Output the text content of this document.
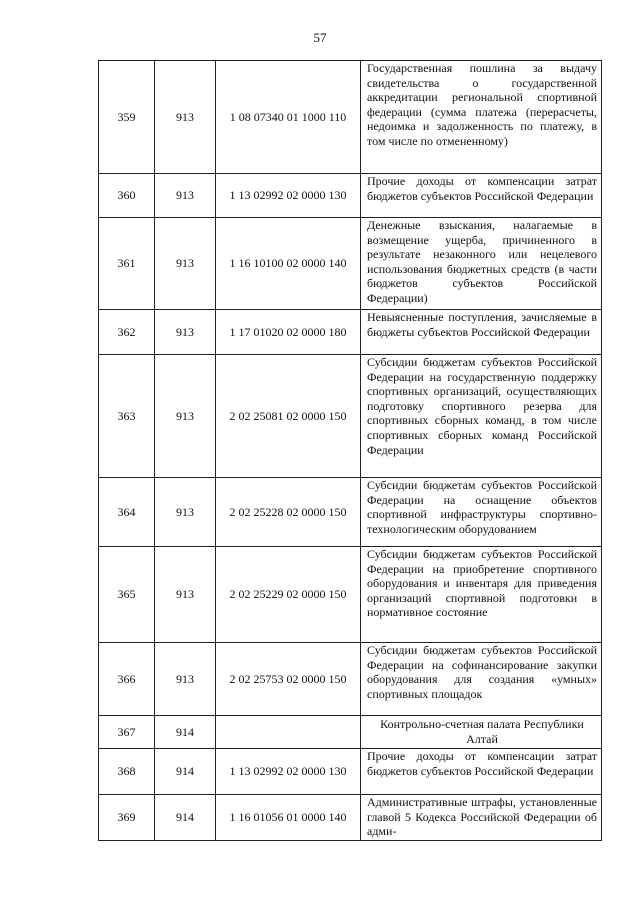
57
359	913	1 08 07340 01 1000 110	Государственная пошлина за выдачу свидетельства о государственной аккредитации региональной спортивной федерации (сумма платежа (перерасчеты, недоимка и задолженность по платежу, в том числе по отмененному)
360	913	1 13 02992 02 0000 130	Прочие доходы от компенсации затрат бюджетов субъектов Российской Федерации
361	913	1 16 10100 02 0000 140	Денежные взыскания, налагаемые в возмещение ущерба, причиненного в результате незаконного или нецелевого использования бюджетных средств (в части бюджетов субъектов Российской Федерации)
362	913	1 17 01020 02 0000 180	Невыясненные поступления, зачисляемые в бюджеты субъектов Российской Федерации
363	913	2 02 25081 02 0000 150	Субсидии бюджетам субъектов Российской Федерации на государственную поддержку спортивных организаций, осуществляющих подготовку спортивного резерва для спортивных сборных команд, в том числе спортивных сборных команд Российской Федерации
364	913	2 02 25228 02 0000 150	Субсидии бюджетам субъектов Российской Федерации на оснащение объектов спортивной инфраструктуры спортивно-технологическим оборудованием
365	913	2 02 25229 02 0000 150	Субсидии бюджетам субъектов Российской Федерации на приобретение спортивного оборудования и инвентаря для приведения организаций спортивной подготовки в нормативное состояние
366	913	2 02 25753 02 0000 150	Субсидии бюджетам субъектов Российской Федерации на софинансирование закупки оборудования для создания «умных» спортивных площадок
367	914		Контрольно-счетная палата Республики Алтай
368	914	1 13 02992 02 0000 130	Прочие доходы от компенсации затрат бюджетов субъектов Российской Федерации
369	914	1 16 01056 01 0000 140	Административные штрафы, установленные главой 5 Кодекса Российской Федерации об адми-
